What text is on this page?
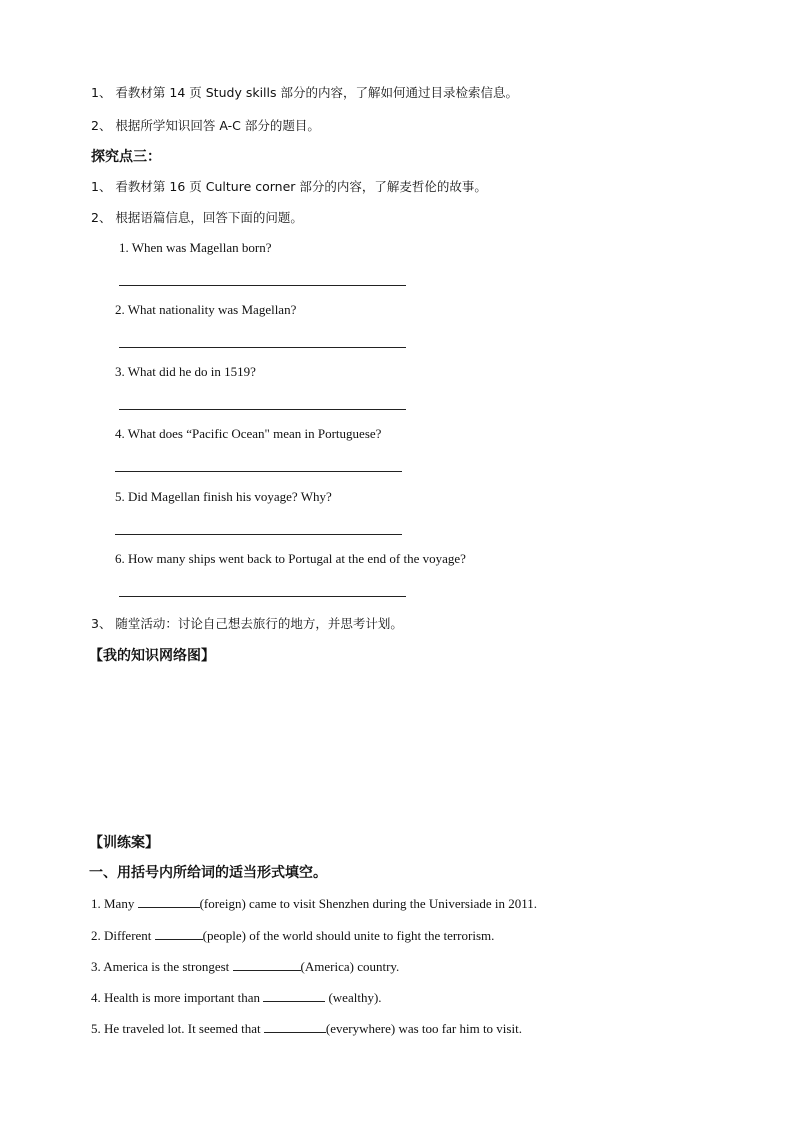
1、 看教材第 14 页 Study skills 部分的内容，了解如何通过目录检索信息。
2、 根据所学知识回答 A-C 部分的题目。
探究点三：
1、 看教材第 16 页 Culture corner 部分的内容，了解麦哲伦的故事。
2、 根据语篇信息，回答下面的问题。
1. When was Magellan born?
2. What nationality was Magellan?
3. What did he do in 1519?
4. What does “Pacific Ocean" mean in Portuguese?
5. Did Magellan finish his voyage? Why?
6. How many ships went back to Portugal at the end of the voyage?
3、 随堂活动：讨论自己想去旅行的地方，并思考计划。
【我的知识网络图】
【训练案】
一、用括号内所给词的适当形式填空。
1. Many	(foreign) came to visit Shenzhen during the Universiade in 2011.
2. Different	(people) of the world should unite to fight the terrorism.
3. America is the strongest	(America) country.
4. Health is more important than	(wealthy).
5. He traveled lot. It seemed that	(everywhere) was too far him to visit.
